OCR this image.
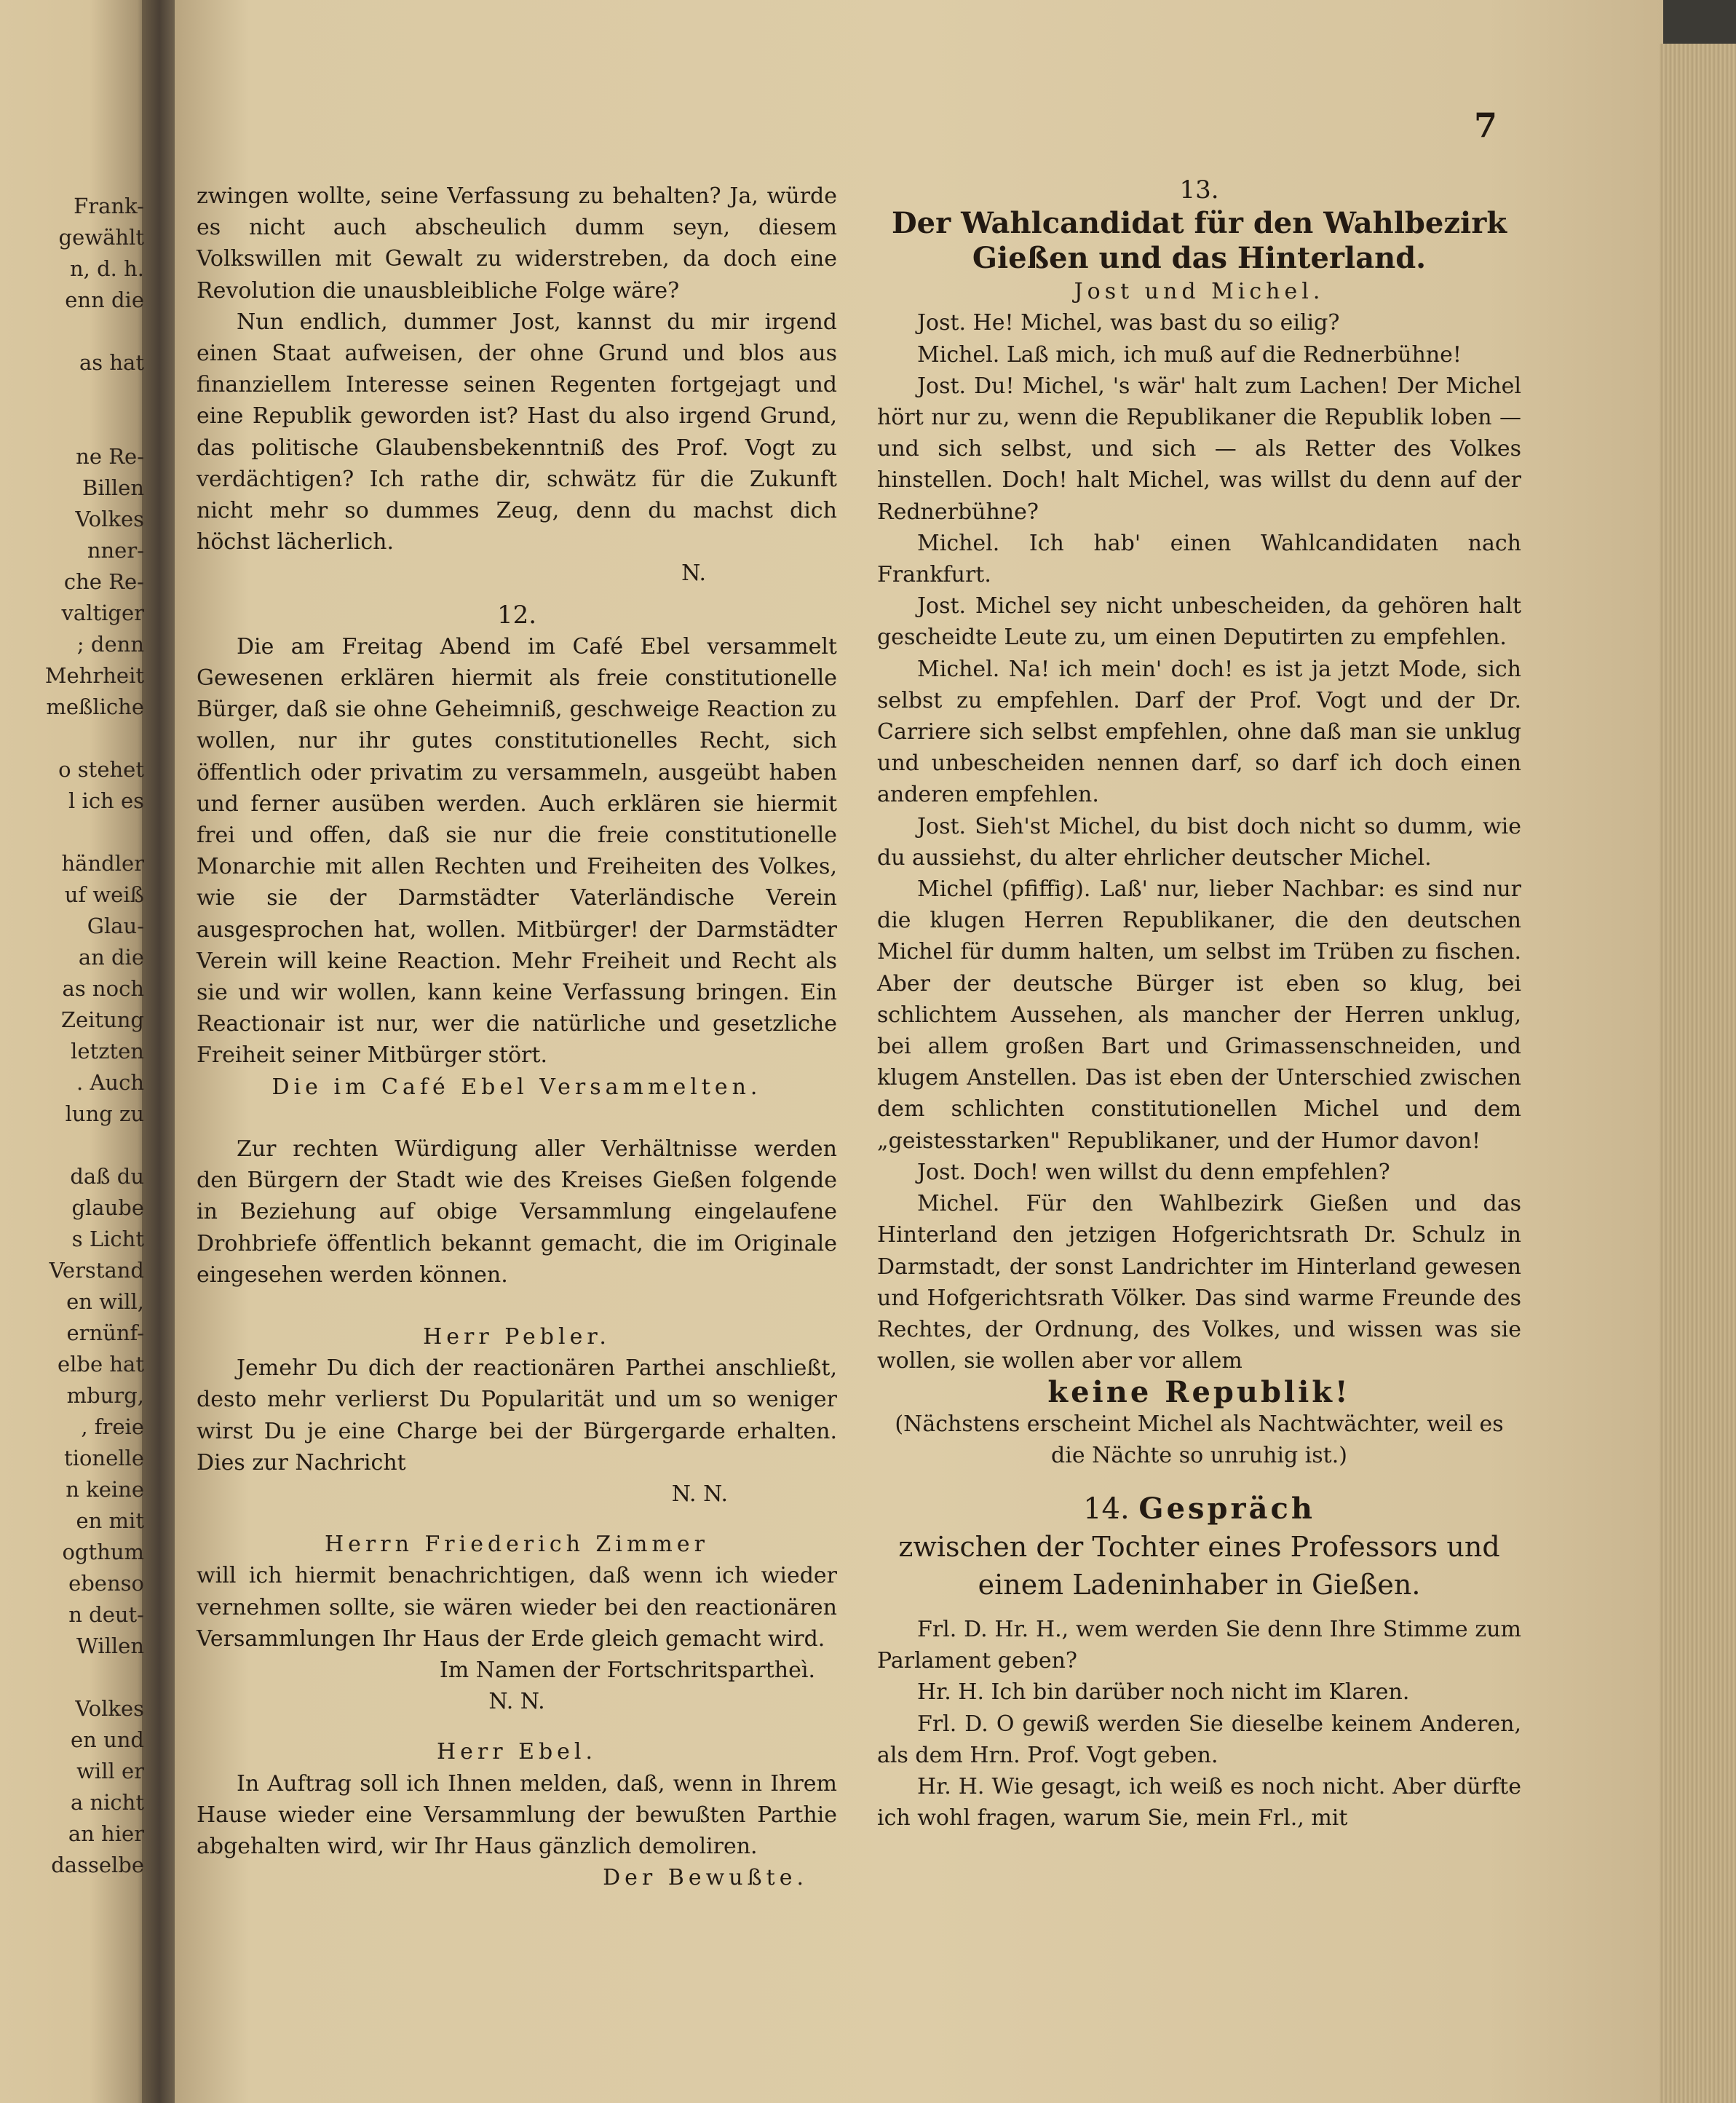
Frank-
gewählt
n, d. h.
enn die
as hat
ne Re-
Billen
Volkes
nner-
che Re-
valtiger
; denn
Mehrheit
meßliche
o stehet
l ich es
händler
uf weiß
Glau-
an die
as noch
Zeitung
letzten
. Auch
lung zu
daß du
glaube
s Licht
Verstand
en will,
ernünf-
elbe hat
mburg,
, freie
tionelle
n keine
en mit
ogthum
ebenso
n deut-
Willen
Volkes
en und
will er
a nicht
an hier
dasselbe
7

zwingen wollte, seine Verfassung zu behalten? Ja, würde es nicht auch abscheulich dumm seyn, diesem Volkswillen mit Gewalt zu widerstreben, da doch eine Revolution die unausbleibliche Folge wäre?

Nun endlich, dummer Jost, kannst du mir irgend einen Staat aufweisen, der ohne Grund und blos aus finanziellem Interesse seinen Regenten fortgejagt und eine Republik geworden ist? Hast du also irgend Grund, das politische Glaubensbekenntniß des Prof. Vogt zu verdächtigen? Ich rathe dir, schwätz für die Zukunft nicht mehr so dummes Zeug, denn du machst dich höchst lächerlich.

N.

12.

Die am Freitag Abend im Café Ebel versammelt Gewesenen erklären hiermit als freie constitutionelle Bürger, daß sie ohne Geheimniß, geschweige Reaction zu wollen, nur ihr gutes constitutionelles Recht, sich öffentlich oder privatim zu versammeln, ausgeübt haben und ferner ausüben werden. Auch erklären sie hiermit frei und offen, daß sie nur die freie constitutionelle Monarchie mit allen Rechten und Freiheiten des Volkes, wie sie der Darmstädter Vaterländische Verein ausgesprochen hat, wollen. Mitbürger! der Darmstädter Verein will keine Reaction. Mehr Freiheit und Recht als sie und wir wollen, kann keine Verfassung bringen. Ein Reactionair ist nur, wer die natürliche und gesetzliche Freiheit seiner Mitbürger stört.

Die im Café Ebel Versammelten.

Zur rechten Würdigung aller Verhältnisse werden den Bürgern der Stadt wie des Kreises Gießen folgende in Beziehung auf obige Versammlung eingelaufene Drohbriefe öffentlich bekannt gemacht, die im Originale eingesehen werden können.

Herr Pebler.

Jemehr Du dich der reactionären Parthei anschließt, desto mehr verlierst Du Popularität und um so weniger wirst Du je eine Charge bei der Bürgergarde erhalten. Dies zur Nachricht

N. N.

Herrn Friederich Zimmer

will ich hiermit benachrichtigen, daß wenn ich wieder vernehmen sollte, sie wären wieder bei den reactionären Versammlungen Ihr Haus der Erde gleich gemacht wird.

Im Namen der Fortschritspartheì.

N. N.

Herr Ebel.

In Auftrag soll ich Ihnen melden, daß, wenn in Ihrem Hause wieder eine Versammlung der bewußten Parthie abgehalten wird, wir Ihr Haus gänzlich demoliren.

Der Bewußte.

13.

Der Wahlcandidat für den Wahlbezirk Gießen und das Hinterland.

Jost und Michel.

Jost. He! Michel, was bast du so eilig?

Michel. Laß mich, ich muß auf die Rednerbühne!

Jost. Du! Michel, 's wär' halt zum Lachen! Der Michel hört nur zu, wenn die Republikaner die Republik loben — und sich selbst, und sich — als Retter des Volkes hinstellen. Doch! halt Michel, was willst du denn auf der Rednerbühne?

Michel. Ich hab' einen Wahlcandidaten nach Frankfurt.

Jost. Michel sey nicht unbescheiden, da gehören halt gescheidte Leute zu, um einen Deputirten zu empfehlen.

Michel. Na! ich mein' doch! es ist ja jetzt Mode, sich selbst zu empfehlen. Darf der Prof. Vogt und der Dr. Carriere sich selbst empfehlen, ohne daß man sie unklug und unbescheiden nennen darf, so darf ich doch einen anderen empfehlen.

Jost. Sieh'st Michel, du bist doch nicht so dumm, wie du aussiehst, du alter ehrlicher deutscher Michel.

Michel (pfiffig). Laß' nur, lieber Nachbar: es sind nur die klugen Herren Republikaner, die den deutschen Michel für dumm halten, um selbst im Trüben zu fischen. Aber der deutsche Bürger ist eben so klug, bei schlichtem Aussehen, als mancher der Herren unklug, bei allem großen Bart und Grimassenschneiden, und klugem Anstellen. Das ist eben der Unterschied zwischen dem schlichten constitutionellen Michel und dem „geistesstarken" Republikaner, und der Humor davon!

Jost. Doch! wen willst du denn empfehlen?

Michel. Für den Wahlbezirk Gießen und das Hinterland den jetzigen Hofgerichtsrath Dr. Schulz in Darmstadt, der sonst Landrichter im Hinterland gewesen und Hofgerichtsrath Völker. Das sind warme Freunde des Rechtes, der Ordnung, des Volkes, und wissen was sie wollen, sie wollen aber vor allem

keine Republik!

(Nächstens erscheint Michel als Nachtwächter, weil es die Nächte so unruhig ist.)

14. Gespräch

zwischen der Tochter eines Professors und einem Ladeninhaber in Gießen.

Frl. D. Hr. H., wem werden Sie denn Ihre Stimme zum Parlament geben?

Hr. H. Ich bin darüber noch nicht im Klaren.

Frl. D. O gewiß werden Sie dieselbe keinem Anderen, als dem Hrn. Prof. Vogt geben.

Hr. H. Wie gesagt, ich weiß es noch nicht. Aber dürfte ich wohl fragen, warum Sie, mein Frl., mit
